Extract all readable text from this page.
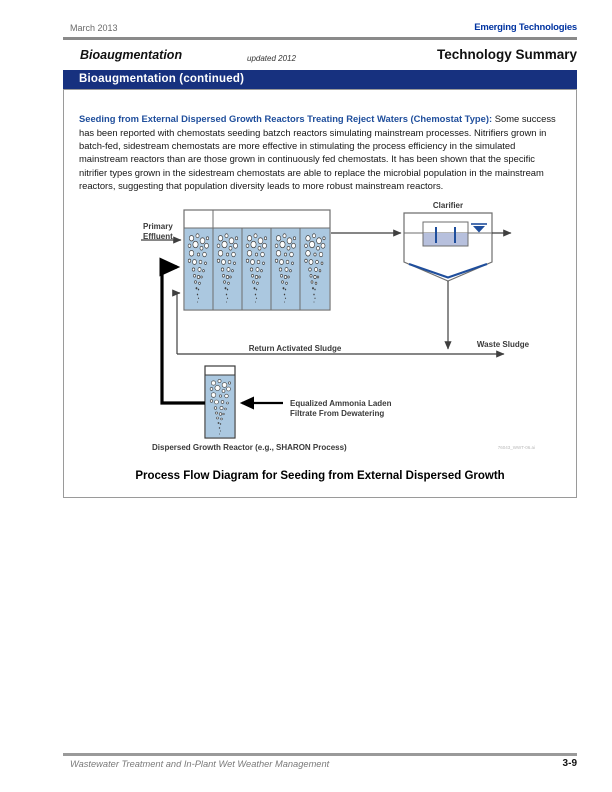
March 2013	Emerging Technologies
Bioaugmentation	updated 2012	Technology Summary
Bioaugmentation (continued)

Seeding from External Dispersed Growth Reactors Treating Reject Waters (Chemostat Type): Some success has been reported with chemostats seeding batzch reactors simulating mainstream processes. Nitrifiers grown in batch-fed, sidestream chemostats are more effective in stimulating the process efficiency in the simulated mainstream reactors than are those grown in continuously fed chemostats. It has been shown that the specific nitrifier types grown in the sidestream chemostats are able to replace the microbial population in the mainstream reactors, suggesting that population diversity leads to more robust mainstream reactors.

Primary
Effluent
Clarifier
Return Activated Sludge	Waste Sludge
Equalized Ammonia Laden
Filtrate From Dewatering
Dispersed Growth Reactor (e.g., SHARON Process)	76043_WWT-06.ai
Process Flow Diagram for Seeding from External Dispersed Growth
Wastewater Treatment and In-Plant Wet Weather Management	3-9
